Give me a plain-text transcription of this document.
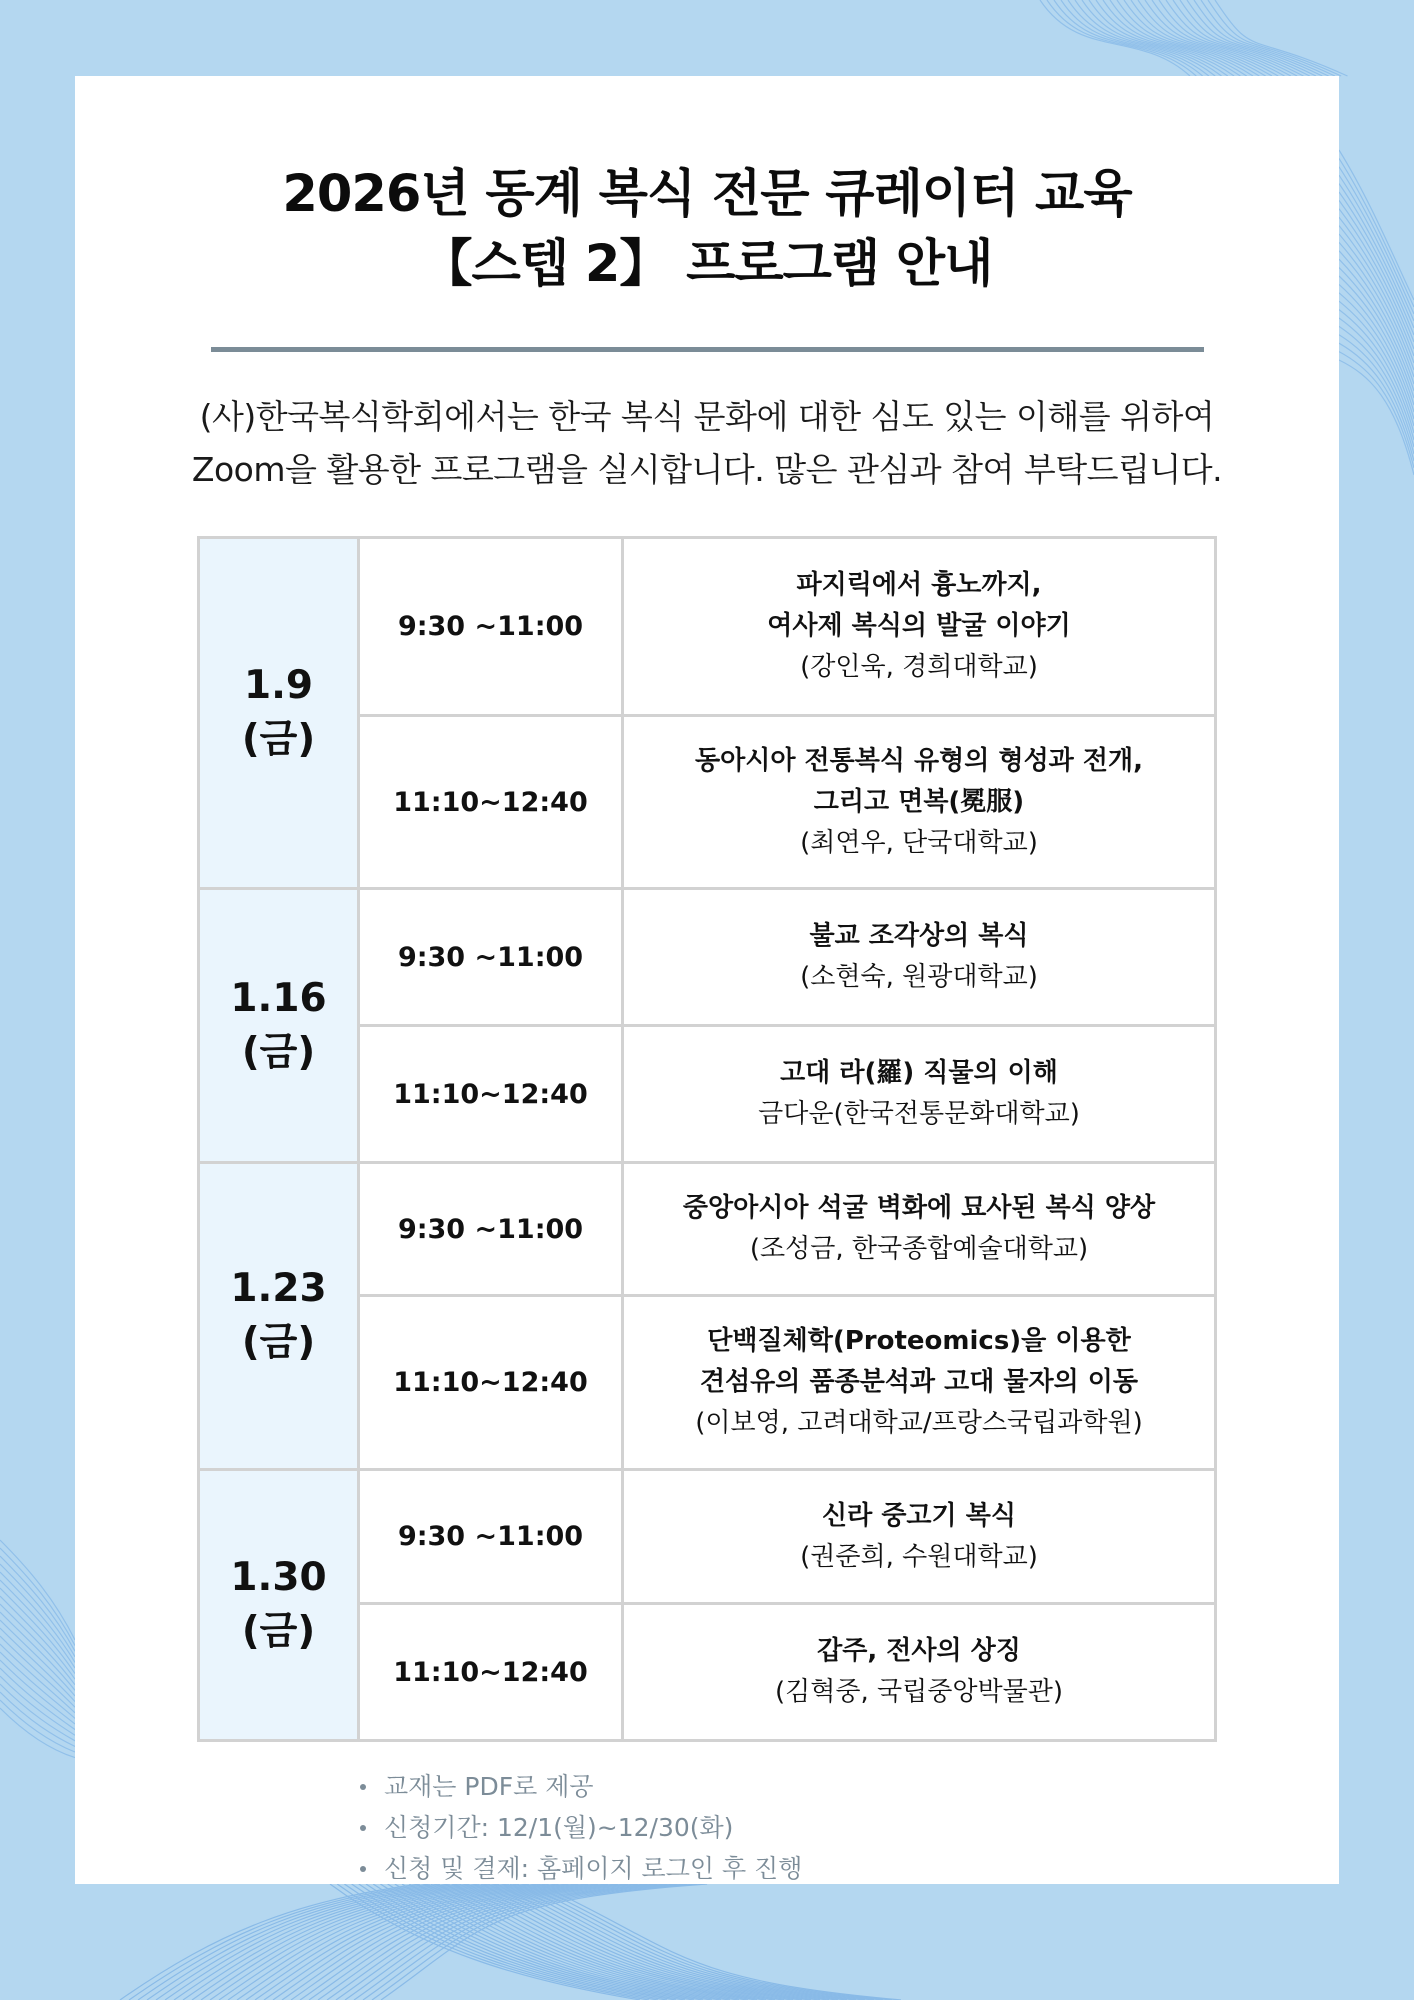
2026년 동계 복식 전문 큐레이터 교육
【스텝 2】 프로그램 안내
(사)한국복식학회에서는 한국 복식 문화에 대한 심도 있는 이해를 위하여
Zoom을 활용한 프로그램을 실시합니다. 많은 관심과 참여 부탁드립니다.
1.9
(금)	9:30 ~11:00	파지릭에서 흉노까지,
여사제 복식의 발굴 이야기
(강인욱, 경희대학교)

	11:10~12:40	동아시아 전통복식 유형의 형성과 전개,
그리고 면복(冕服)
(최연우, 단국대학교)

1.16
(금)	9:30 ~11:00	불교 조각상의 복식
(소현숙, 원광대학교)

	11:10~12:40	고대 라(羅) 직물의 이해
금다운(한국전통문화대학교)

1.23
(금)	9:30 ~11:00	중앙아시아 석굴 벽화에 묘사된 복식 양상
(조성금, 한국종합예술대학교)

	11:10~12:40	단백질체학(Proteomics)을 이용한
견섬유의 품종분석과 고대 물자의 이동
(이보영, 고려대학교/프랑스국립과학원)

1.30
(금)	9:30 ~11:00	신라 중고기 복식
(권준희, 수원대학교)

	11:10~12:40	갑주, 전사의 상징
(김혁중, 국립중앙박물관)
교재는 PDF로 제공
신청기간: 12/1(월)~12/30(화)
신청 및 결제: 홈페이지 로그인 후 진행
